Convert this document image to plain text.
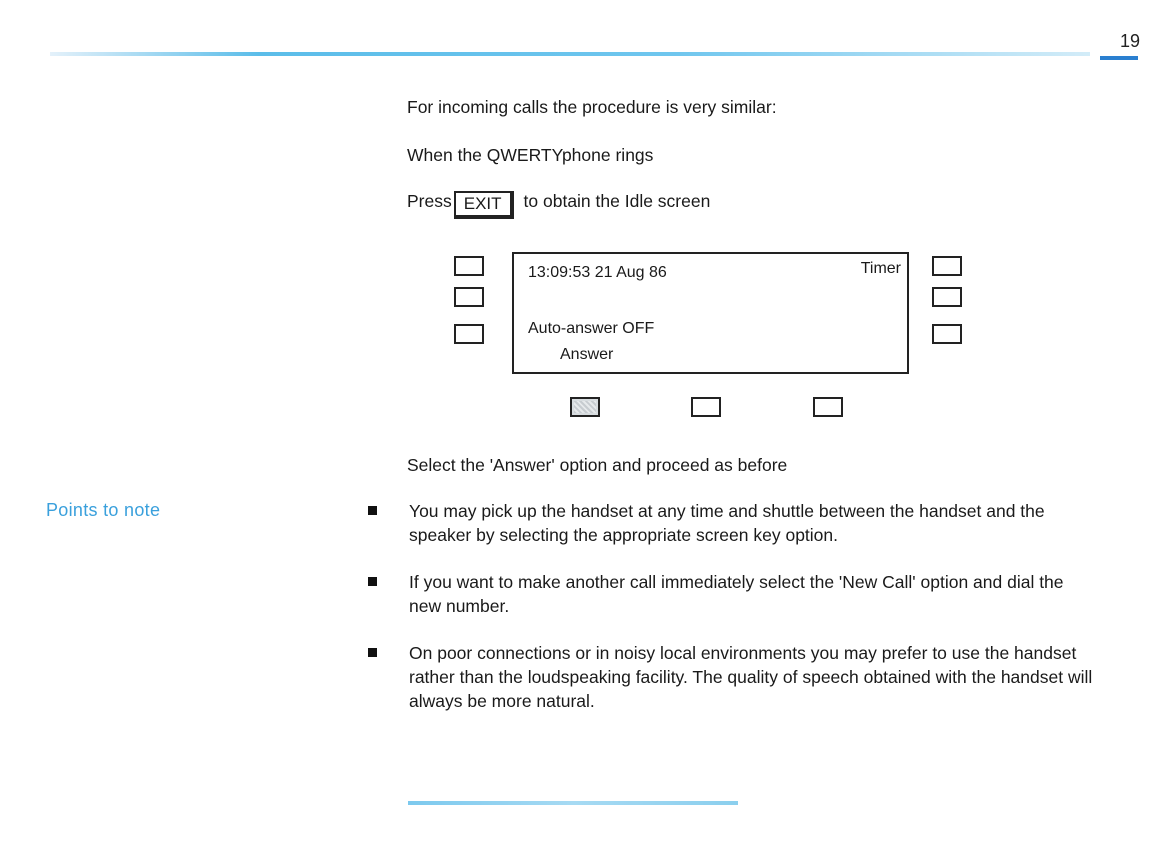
19

For incoming calls the procedure is very similar:

When the QWERTYphone rings

Press EXIT to obtain the Idle screen

13:09:53 21 Aug 86	Timer
Auto-answer OFF
Answer

Select the 'Answer' option and proceed as before

Points to note	You may pick up the handset at any time and shuttle between the handset and the speaker by selecting the appropriate screen key option.

If you want to make another call immediately select the 'New Call' option and dial the new number.

On poor connections or in noisy local environments you may prefer to use the handset rather than the loudspeaking facility. The quality of speech obtained with the handset will always be more natural.
